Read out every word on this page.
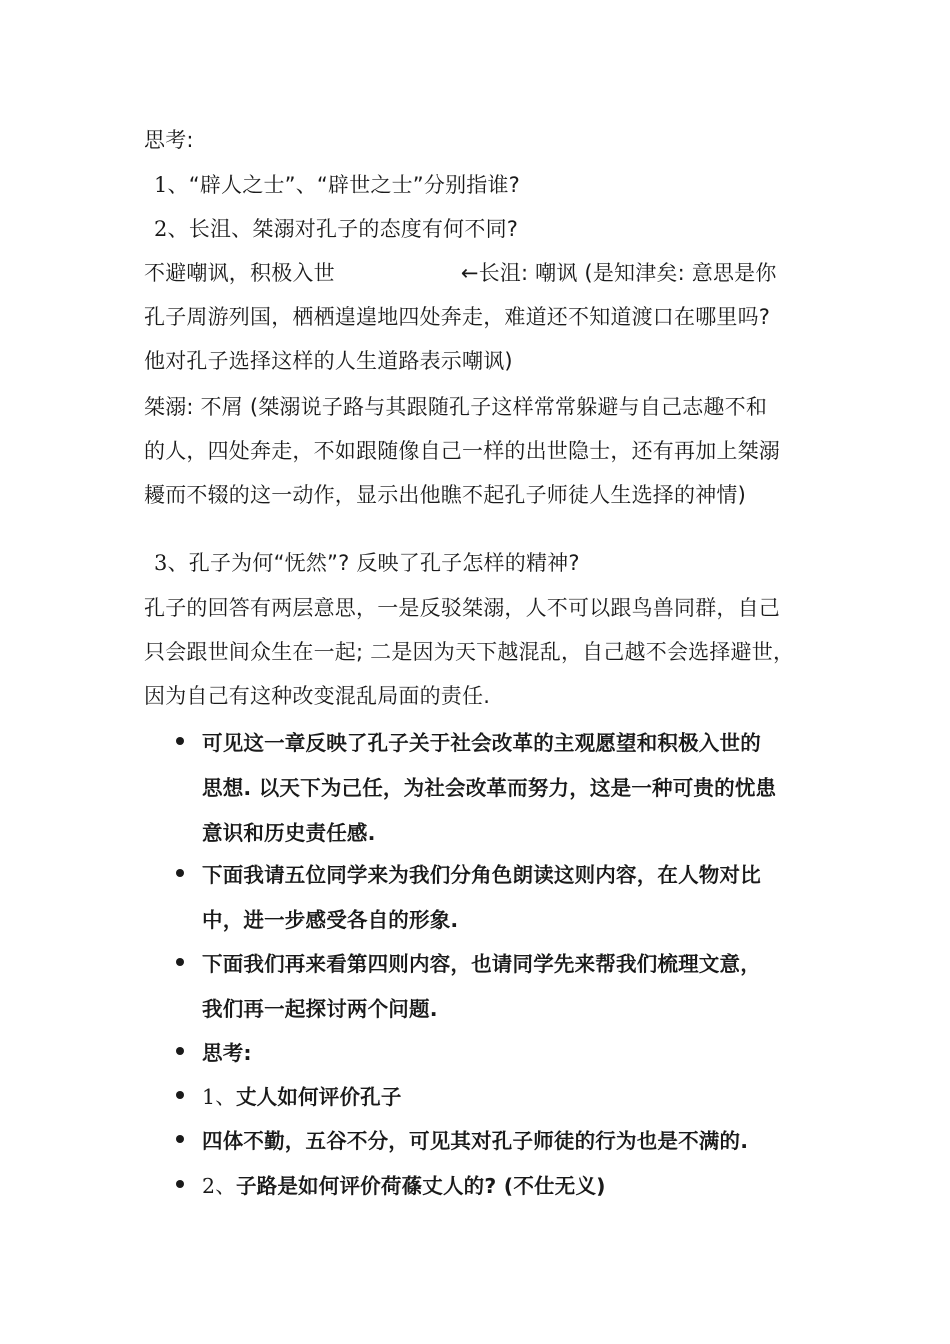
思考:
1、“辟人之士”、“辟世之士”分别指谁?
2、长沮、桀溺对孔子的态度有何不同?
不避嘲讽，积极入世	←长沮: 嘲讽 (是知津矣: 意思是你
孔子周游列国，栖栖遑遑地四处奔走，难道还不知道渡口在哪里吗?
他对孔子选择这样的人生道路表示嘲讽)
桀溺: 不屑 (桀溺说子路与其跟随孔子这样常常躲避与自己志趣不和
的人，四处奔走，不如跟随像自己一样的出世隐士，还有再加上桀溺
耰而不辍的这一动作，显示出他瞧不起孔子师徒人生选择的神情)
3、孔子为何“怃然”? 反映了孔子怎样的精神?
孔子的回答有两层意思，一是反驳桀溺，人不可以跟鸟兽同群，自己
只会跟世间众生在一起; 二是因为天下越混乱，自己越不会选择避世，
因为自己有这种改变混乱局面的责任.
可见这一章反映了孔子关于社会改革的主观愿望和积极入世的
思想. 以天下为己任，为社会改革而努力，这是一种可贵的忧患
意识和历史责任感.
下面我请五位同学来为我们分角色朗读这则内容，在人物对比
中，进一步感受各自的形象.
下面我们再来看第四则内容，也请同学先来帮我们梳理文意，
我们再一起探讨两个问题.
思考:
1、丈人如何评价孔子
四体不勤，五谷不分，可见其对孔子师徒的行为也是不满的.
2、子路是如何评价荷蓧丈人的? (不仕无义)
